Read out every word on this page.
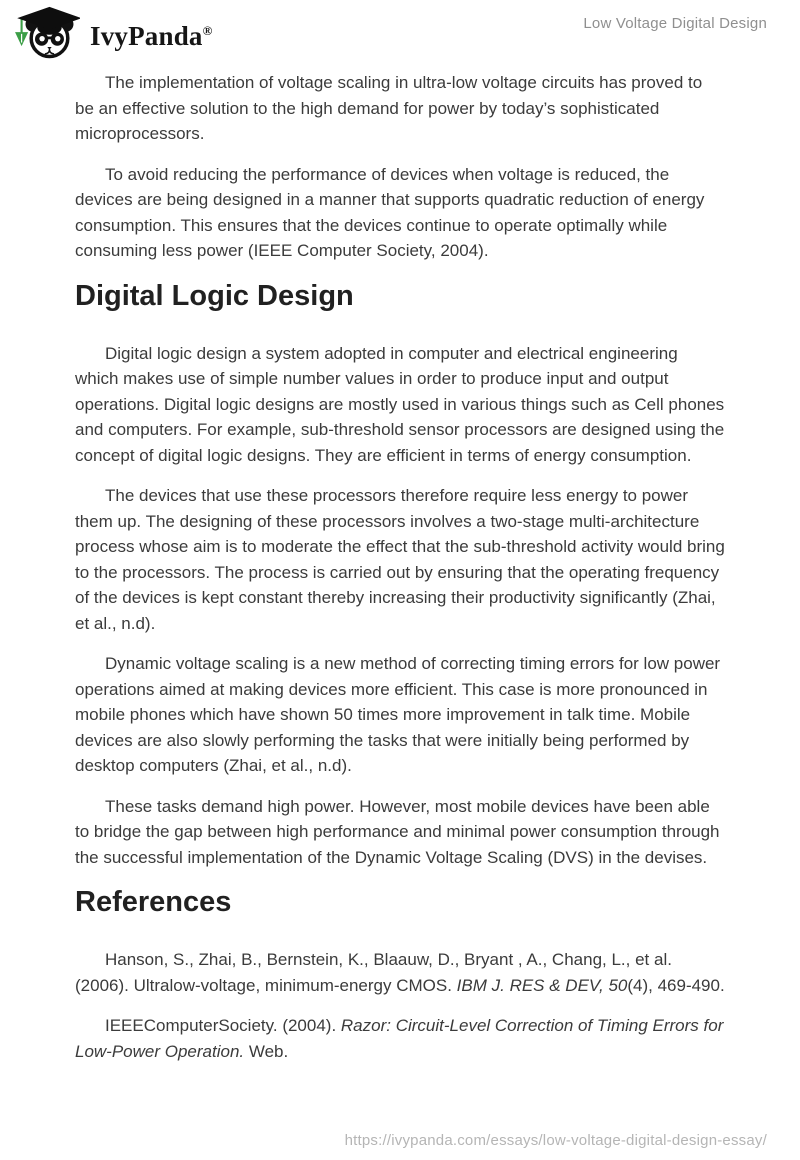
IvyPanda®	Low Voltage Digital Design

The implementation of voltage scaling in ultra-low voltage circuits has proved to be an effective solution to the high demand for power by today’s sophisticated microprocessors.

To avoid reducing the performance of devices when voltage is reduced, the devices are being designed in a manner that supports quadratic reduction of energy consumption. This ensures that the devices continue to operate optimally while consuming less power (IEEE Computer Society, 2004).

Digital Logic Design

Digital logic design a system adopted in computer and electrical engineering which makes use of simple number values in order to produce input and output operations. Digital logic designs are mostly used in various things such as Cell phones and computers. For example, sub-threshold sensor processors are designed using the concept of digital logic designs. They are efficient in terms of energy consumption.

The devices that use these processors therefore require less energy to power them up. The designing of these processors involves a two-stage multi-architecture process whose aim is to moderate the effect that the sub-threshold activity would bring to the processors. The process is carried out by ensuring that the operating frequency of the devices is kept constant thereby increasing their productivity significantly (Zhai, et al., n.d).

Dynamic voltage scaling is a new method of correcting timing errors for low power operations aimed at making devices more efficient. This case is more pronounced in mobile phones which have shown 50 times more improvement in talk time. Mobile devices are also slowly performing the tasks that were initially being performed by desktop computers (Zhai, et al., n.d).

These tasks demand high power. However, most mobile devices have been able to bridge the gap between high performance and minimal power consumption through the successful implementation of the Dynamic Voltage Scaling (DVS) in the devises.

References

Hanson, S., Zhai, B., Bernstein, K., Blaauw, D., Bryant , A., Chang, L., et al. (2006). Ultralow-voltage, minimum-energy CMOS. IBM J. RES & DEV, 50(4), 469-490.

IEEEComputerSociety. (2004). Razor: Circuit-Level Correction of Timing Errors for Low-Power Operation. Web.

https://ivypanda.com/essays/low-voltage-digital-design-essay/
